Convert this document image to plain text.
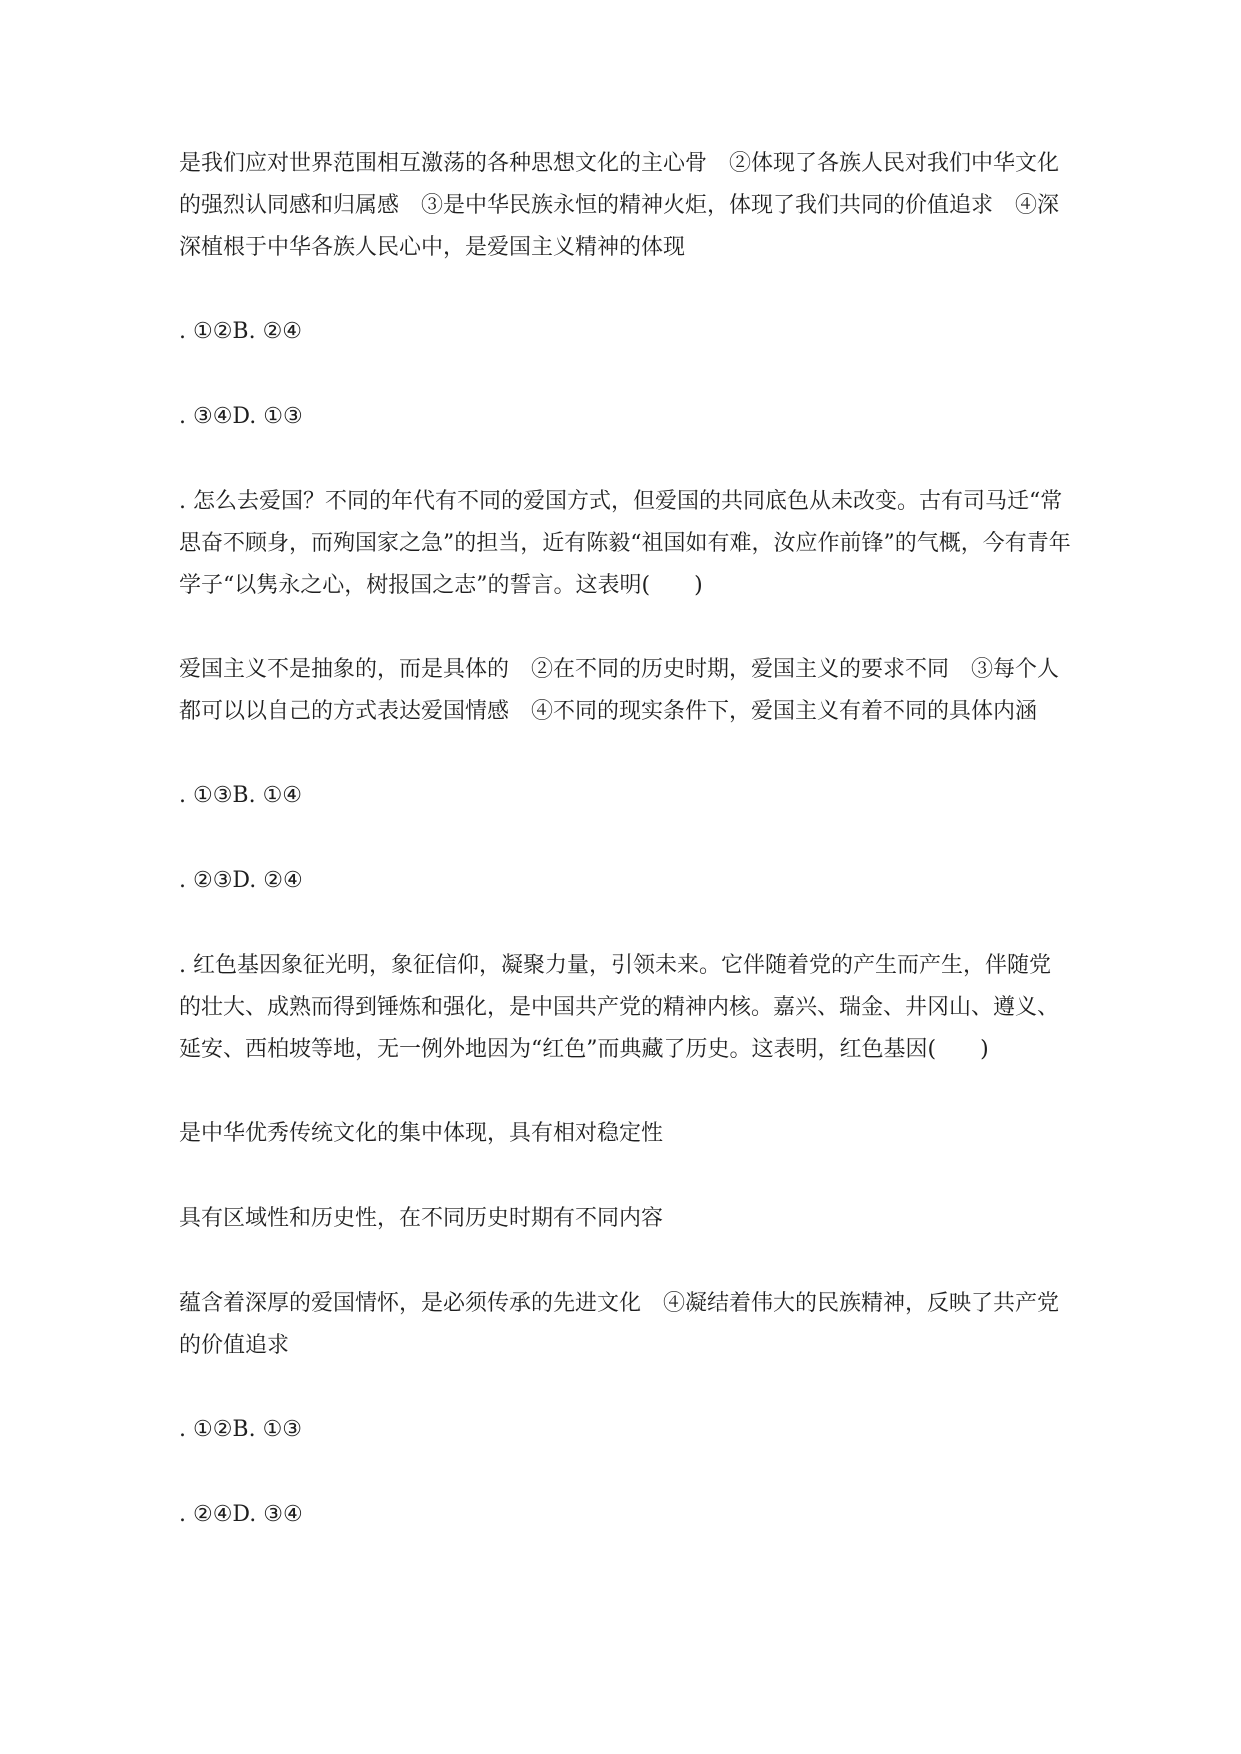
是我们应对世界范围相互激荡的各种思想文化的主心骨　②体现了各族人民对我们中华文化的强烈认同感和归属感　③是中华民族永恒的精神火炬，体现了我们共同的价值追求　④深深植根于中华各族人民心中，是爱国主义精神的体现

. ①②B. ②④

. ③④D. ①③

. 怎么去爱国？不同的年代有不同的爱国方式，但爱国的共同底色从未改变。古有司马迁“常思奋不顾身，而殉国家之急”的担当，近有陈毅“祖国如有难，汝应作前锋”的气概，今有青年学子“以隽永之心，树报国之志”的誓言。这表明(　　)

爱国主义不是抽象的，而是具体的　②在不同的历史时期，爱国主义的要求不同　③每个人都可以以自己的方式表达爱国情感　④不同的现实条件下，爱国主义有着不同的具体内涵

. ①③B. ①④

. ②③D. ②④

. 红色基因象征光明，象征信仰，凝聚力量，引领未来。它伴随着党的产生而产生，伴随党的壮大、成熟而得到锤炼和强化，是中国共产党的精神内核。嘉兴、瑞金、井冈山、遵义、延安、西柏坡等地，无一例外地因为“红色”而典藏了历史。这表明，红色基因(　　)

是中华优秀传统文化的集中体现，具有相对稳定性

具有区域性和历史性，在不同历史时期有不同内容

蕴含着深厚的爱国情怀，是必须传承的先进文化　④凝结着伟大的民族精神，反映了共产党的价值追求

. ①②B. ①③

. ②④D. ③④
